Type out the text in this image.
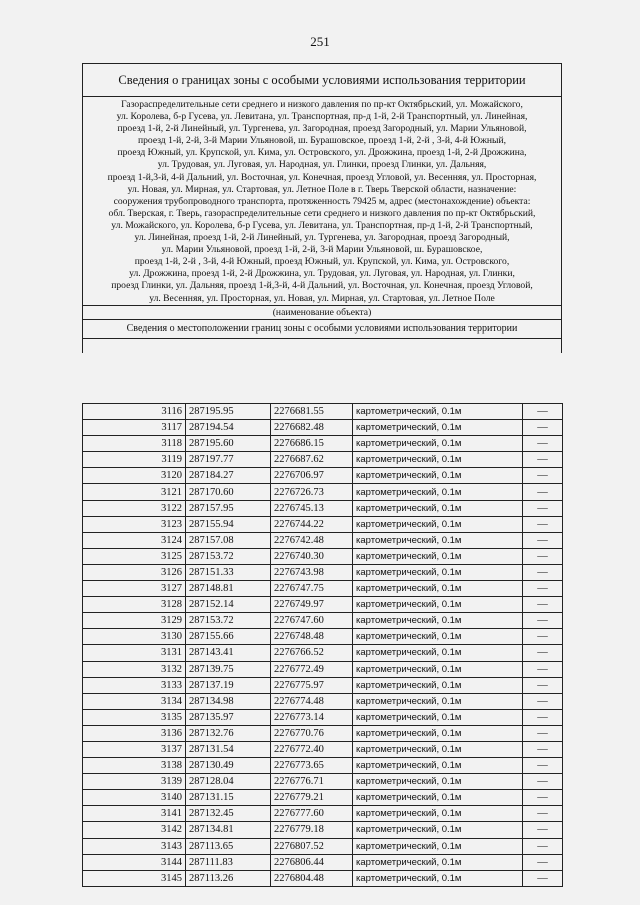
251
Сведения о границах зоны с особыми условиями использования территории
Газораспределительные сети среднего и низкого давления по пр-кт Октябрьский, ул. Можайского,
ул. Королева, б-р Гусева, ул. Левитана, ул. Транспортная, пр-д 1-й, 2-й Транспортный, ул. Линейная,
проезд 1-й, 2-й Линейный, ул. Тургенева, ул. Загородная, проезд Загородный, ул. Марии Ульяновой,
проезд 1-й, 2-й, 3-й Марии Ульяновой, ш. Бурашовское, проезд 1-й, 2-й , 3-й, 4-й Южный,
проезд Южный, ул. Крупской, ул. Кима, ул. Островского, ул. Дрожжина, проезд 1-й, 2-й Дрожжина,
ул. Трудовая, ул. Луговая, ул. Народная, ул. Глинки, проезд Глинки, ул. Дальняя,
проезд 1-й,3-й, 4-й Дальний, ул. Восточная, ул. Конечная, проезд Угловой, ул. Весенняя, ул. Просторная,
ул. Новая, ул. Мирная, ул. Стартовая, ул. Летное Поле в г. Тверь Тверской области, назначение:
сооружения трубопроводного транспорта, протяженность 79425 м, адрес (местонахождение) объекта:
обл. Тверская, г. Тверь, газораспределительные сети среднего и низкого давления по пр-кт Октябрьский,
ул. Можайского, ул. Королева, б-р Гусева, ул. Левитана, ул. Транспортная, пр-д 1-й, 2-й Транспортный,
ул. Линейная, проезд 1-й, 2-й Линейный, ул. Тургенева, ул. Загородная, проезд Загородный,
ул. Марии Ульяновой, проезд 1-й, 2-й, 3-й Марии Ульяновой, ш. Бурашовское,
проезд 1-й, 2-й , 3-й, 4-й Южный, проезд Южный, ул. Крупской, ул. Кима, ул. Островского,
ул. Дрожжина, проезд 1-й, 2-й Дрожжина, ул. Трудовая, ул. Луговая, ул. Народная, ул. Глинки,
проезд Глинки, ул. Дальняя, проезд 1-й,3-й, 4-й Дальний, ул. Восточная, ул. Конечная, проезд Угловой,
ул. Весенняя, ул. Просторная, ул. Новая, ул. Мирная, ул. Стартовая, ул. Летное Поле
(наименование объекта)
Сведения о местоположении границ зоны с особыми условиями использования территории
3116	287195.95	2276681.55	картометрический, 0.1м	—
3117	287194.54	2276682.48	картометрический, 0.1м	—
3118	287195.60	2276686.15	картометрический, 0.1м	—
3119	287197.77	2276687.62	картометрический, 0.1м	—
3120	287184.27	2276706.97	картометрический, 0.1м	—
3121	287170.60	2276726.73	картометрический, 0.1м	—
3122	287157.95	2276745.13	картометрический, 0.1м	—
3123	287155.94	2276744.22	картометрический, 0.1м	—
3124	287157.08	2276742.48	картометрический, 0.1м	—
3125	287153.72	2276740.30	картометрический, 0.1м	—
3126	287151.33	2276743.98	картометрический, 0.1м	—
3127	287148.81	2276747.75	картометрический, 0.1м	—
3128	287152.14	2276749.97	картометрический, 0.1м	—
3129	287153.72	2276747.60	картометрический, 0.1м	—
3130	287155.66	2276748.48	картометрический, 0.1м	—
3131	287143.41	2276766.52	картометрический, 0.1м	—
3132	287139.75	2276772.49	картометрический, 0.1м	—
3133	287137.19	2276775.97	картометрический, 0.1м	—
3134	287134.98	2276774.48	картометрический, 0.1м	—
3135	287135.97	2276773.14	картометрический, 0.1м	—
3136	287132.76	2276770.76	картометрический, 0.1м	—
3137	287131.54	2276772.40	картометрический, 0.1м	—
3138	287130.49	2276773.65	картометрический, 0.1м	—
3139	287128.04	2276776.71	картометрический, 0.1м	—
3140	287131.15	2276779.21	картометрический, 0.1м	—
3141	287132.45	2276777.60	картометрический, 0.1м	—
3142	287134.81	2276779.18	картометрический, 0.1м	—
3143	287113.65	2276807.52	картометрический, 0.1м	—
3144	287111.83	2276806.44	картометрический, 0.1м	—
3145	287113.26	2276804.48	картометрический, 0.1м	—
